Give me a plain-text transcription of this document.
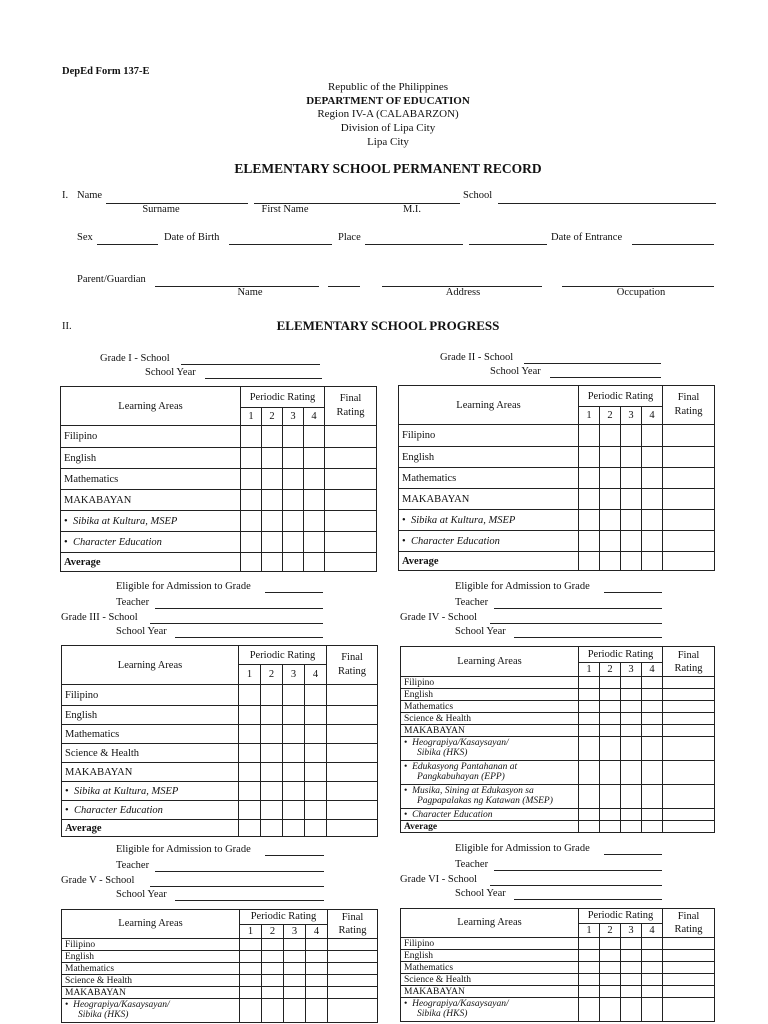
DepEd Form 137-E
Republic of the Philippines
DEPARTMENT OF EDUCATION
Region IV-A (CALABARZON)
Division of Lipa City
Lipa City
ELEMENTARY SCHOOL PERMANENT RECORD
I. Name	School
Surname	First Name	M.I.
Sex	Date of Birth	Place	Date of Entrance
Parent/Guardian
Name	Address	Occupation
II.	ELEMENTARY SCHOOL PROGRESS
Grade I - School
School Year
Learning Areas	Periodic Rating				Final
Rating
	1	2	3	4	
Filipino					
English					
Mathematics					
MAKABAYAN					
•  Sibika at Kultura, MSEP					
•  Character Education					
Average					
Grade II - School
School Year
Learning Areas	Periodic Rating				Final
Rating
	1	2	3	4	
Filipino					
English					
Mathematics					
MAKABAYAN					
•  Sibika at Kultura, MSEP					
•  Character Education					
Average					
Eligible for Admission to Grade
Teacher
Grade III - School
School Year
Learning Areas	Periodic Rating				Final
Rating
	1	2	3	4	
Filipino					
English					
Mathematics					
Science & Health					
MAKABAYAN					
•  Sibika at Kultura, MSEP					
•  Character Education					
Average					
Eligible for Admission to Grade
Teacher
Grade IV - School
School Year
Learning Areas	Periodic Rating				Final
Rating
	1	2	3	4	
Filipino					
English					
Mathematics					
Science & Health					
MAKABAYAN					
•  Heograpiya/Kasaysayan/
Sibika (HKS)					
•  Edukasyong Pantahanan at
Pangkabuhayan (EPP)					
•  Musika, Sining at Edukasyon sa
Pagpapalakas ng Katawan (MSEP)					
•  Character Education					
Average					
Eligible for Admission to Grade
Teacher
Grade V - School
School Year
Learning Areas	Periodic Rating				Final
Rating
	1	2	3	4	
Filipino					
English					
Mathematics					
Science & Health					
MAKABAYAN					
•  Heograpiya/Kasaysayan/
Sibika (HKS)					
Eligible for Admission to Grade
Teacher
Grade VI - School
School Year
Learning Areas	Periodic Rating				Final
Rating
	1	2	3	4	
Filipino					
English					
Mathematics					
Science & Health					
MAKABAYAN					
•  Heograpiya/Kasaysayan/
Sibika (HKS)					
